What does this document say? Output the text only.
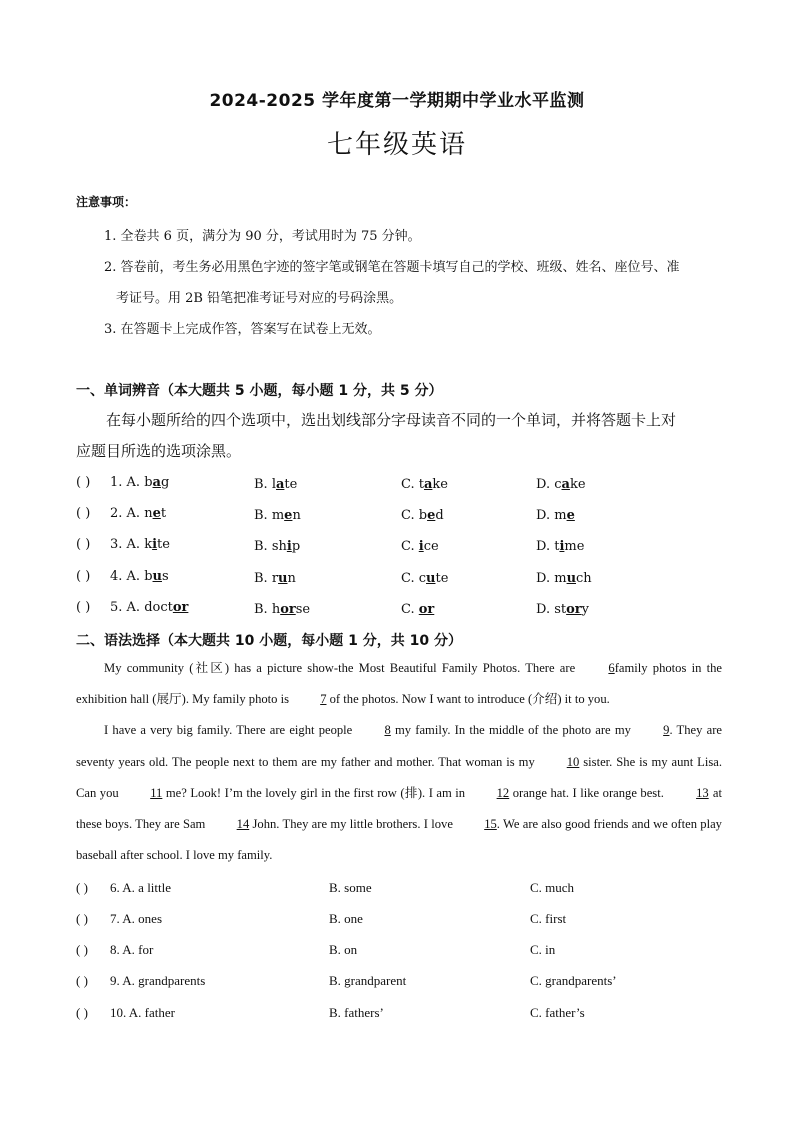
2024-2025 学年度第一学期期中学业水平监测
七年级英语
注意事项：
1. 全卷共 6 页，满分为 90 分，考试用时为 75 分钟。
2. 答卷前，考生务必用黑色字迹的签字笔或钢笔在答题卡填写自己的学校、班级、姓名、座位号、准
考证号。用 2B 铅笔把准考证号对应的号码涂黑。
3. 在答题卡上完成作答，答案写在试卷上无效。
一、单词辨音（本大题共 5 小题，每小题 1 分，共 5 分）
在每小题所给的四个选项中，选出划线部分字母读音不同的一个单词，并将答题卡上对
应题目所选的选项涂黑。
( ) 1. A. bag	B. late	C. take	D. cake
( ) 2. A. net	B. men	C. bed	D. me
( ) 3. A. kite	B. ship	C. ice	D. time
( ) 4. A. bus	B. run	C. cute	D. much
( ) 5. A. doctor	B. horse	C. or	D. story
二、语法选择（本大题共 10 小题，每小题 1 分，共 10 分）

My community (社区) has a picture show-the Most Beautiful Family Photos. There are 6family photos in the exhibition hall (展厅). My family photo is 7 of the photos. Now I want to introduce (介绍) it to you.

I have a very big family. There are eight people 8 my family. In the middle of the photo are my 9. They are seventy years old. The people next to them are my father and mother. That woman is my 10 sister. She is my aunt Lisa. Can you 11 me? Look! I’m the lovely girl in the first row (排). I am in 12 orange hat. I like orange best. 13 at these boys. They are Sam 14 John. They are my little brothers. I love 15. We are also good friends and we often play baseball after school. I love my family.

( ) 6. A. a little	B. some	C. much
( ) 7. A. ones	B. one	C. first
( ) 8. A. for	B. on	C. in
( ) 9. A. grandparents	B. grandparent	C. grandparents’
( ) 10. A. father	B. fathers’	C. father’s
